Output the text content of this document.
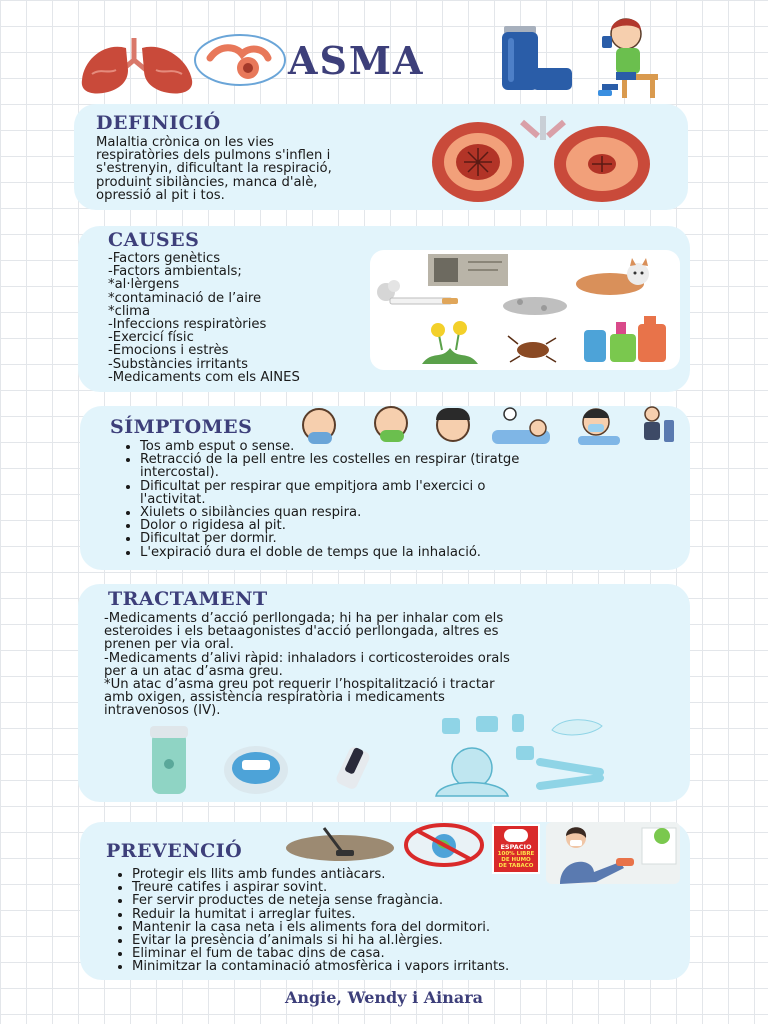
ASMA
DEFINICIÓ
Malaltia crònica on les vies
respiratòries dels pulmons s'inflen i
s'estrenyin, dificultant la respiració,
produint sibilàncies, manca d'alè,
opressió al pit i tos.
CAUSES
-Factors genètics
-Factors ambientals;
*al·lèrgens
*contaminació de l’aire
*clima
-Infeccions respiratòries
-Exercicí físic
-Emocions i estrès
-Substàncies irritants
-Medicaments com els AINES
SÍMPTOMES
• Tos amb esput o sense.
• Retracció de la pell entre les costelles en respirar (tiratge
intercostal).
• Dificultat per respirar que empitjora amb l'exercici o
l'activitat.
• Xiulets o sibilàncies quan respira.
• Dolor o rigidesa al pit.
• Dificultat per dormir.
• L'expiració dura el doble de temps que la inhalació.
TRACTAMENT
-Medicaments d’acció perllongada; hi ha per inhalar com els
esteroides i els betaagonistes d'acció perllongada, altres es
prenen per via oral.
-Medicaments d’alivi ràpid: inhaladors i corticosteroides orals
per a un atac d’asma greu.
*Un atac d’asma greu pot requerir l’hospitalització i tractar
amb oxigen, assistència respiratòria i medicaments
intravenosos (IV).
PREVENCIÓ	ESPACIO
100% LIBRE
DE HUMO
DE TABACO
• Protegir els llits amb fundes antiàcars.
• Treure catifes i aspirar sovint.
• Fer servir productes de neteja sense fragància.
• Reduir la humitat i arreglar fuites.
• Mantenir la casa neta i els aliments fora del dormitori.
• Evitar la presència d’animals si hi ha al.lèrgies.
• Eliminar el fum de tabac dins de casa.
• Minimitzar la contaminació atmosfèrica i vapors irritants.
Angie, Wendy i Ainara
